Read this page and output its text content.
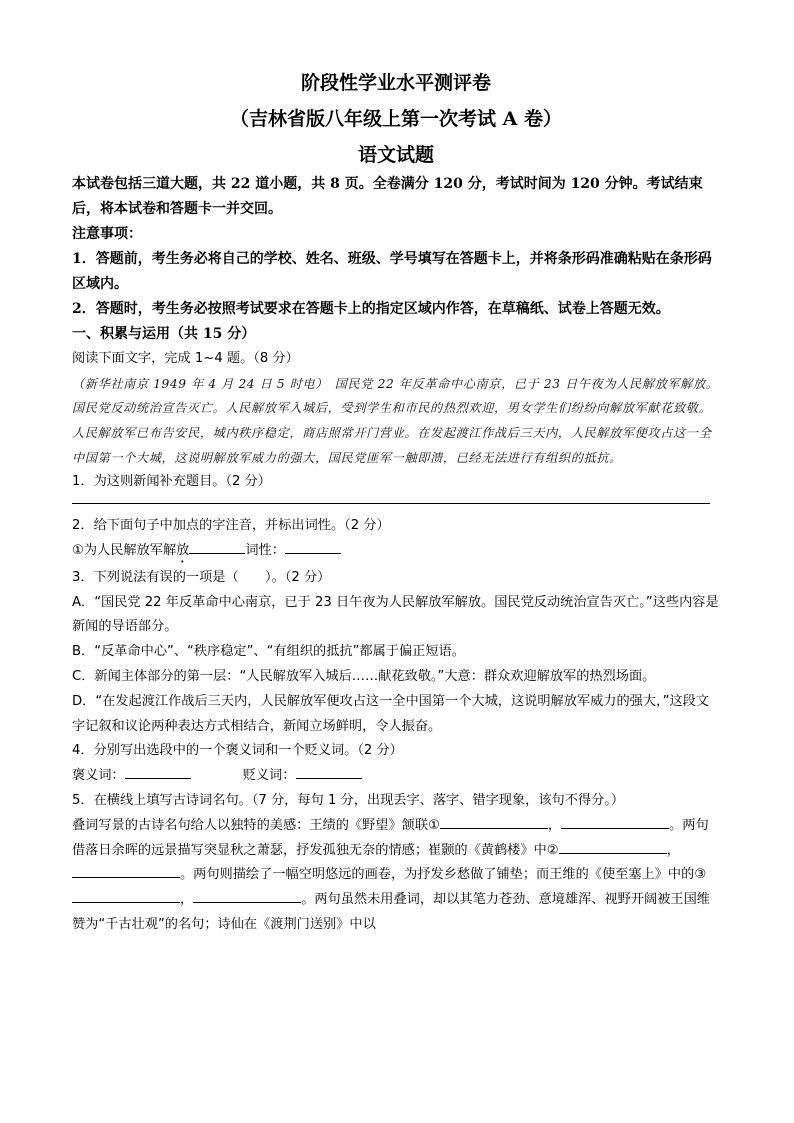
阶段性学业水平测评卷
（吉林省版八年级上第一次考试 A 卷）
语文试题

本试卷包括三道大题，共 22 道小题，共 8 页。全卷满分 120 分，考试时间为 120 分钟。考试结束后，将本试卷和答题卡一并交回。

注意事项：

1．答题前，考生务必将自己的学校、姓名、班级、学号填写在答题卡上，并将条形码准确粘贴在条形码区域内。

2．答题时，考生务必按照考试要求在答题卡上的指定区域内作答，在草稿纸、试卷上答题无效。

一、积累与运用（共 15 分）

阅读下面文字，完成 1~4 题。（8 分）

（新华社南京 1949 年 4 月 24 日 5 时电）　国民党 22 年反革命中心南京，已于 23 日午夜为人民解放军解放。国民党反动统治宣告灭亡。人民解放军入城后，受到学生和市民的热烈欢迎，男女学生们纷纷向解放军献花致敬。人民解放军已布告安民，城内秩序稳定，商店照常开门营业。在发起渡江作战后三天内，人民解放军便攻占这一全中国第一个大城，这说明解放军威力的强大，国民党匪军一触即溃，已经无法进行有组织的抵抗。

1．为这则新闻补充题目。（2 分）

2．给下面句子中加点的字注音，并标出词性。（2 分）

①为人民解放军解放	词性：

3．下列说法有误的一项是（　　）。（2 分）

A．“国民党 22 年反革命中心南京，已于 23 日午夜为人民解放军解放。国民党反动统治宣告灭亡。”这些内容是新闻的导语部分。

B．“反革命中心”、“秩序稳定”、“有组织的抵抗”都属于偏正短语。

C．新闻主体部分的第一层：“人民解放军入城后……献花致敬。”大意：群众欢迎解放军的热烈场面。

D．“在发起渡江作战后三天内，人民解放军便攻占这一全中国第一个大城，这说明解放军威力的强大，”这段文字记叙和议论两种表达方式相结合，新闻立场鲜明，令人振奋。

4．分别写出选段中的一个褒义词和一个贬义词。（2 分）

褒义词：	贬义词：

5．在横线上填写古诗词名句。（7 分，每句 1 分，出现丢字、落字、错字现象，该句不得分。）

叠词写景的古诗名句给人以独特的美感：王绩的《野望》颔联①	，	。两句借落日余晖的远景描写突显秋之萧瑟，抒发孤独无奈的情感；崔颢的《黄鹤楼》中②	，。两句则描绘了一幅空明悠远的画卷，为抒发乡愁做了铺垫；而王维的《使至塞上》中的③，	。两句虽然未用叠词，却以其笔力苍劲、意境雄浑、视野开阔被王国维赞为“千古壮观”的名句；诗仙在《渡荆门送别》中以
